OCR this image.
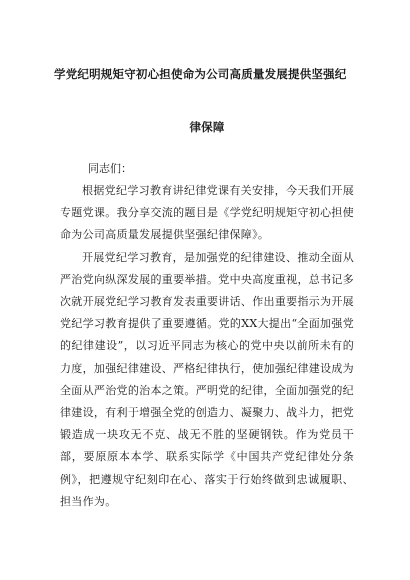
学党纪明规矩守初心担使命为公司高质量发展提供坚强纪
律保障
同志们：

根据党纪学习教育讲纪律党课有关安排，今天我们开展专题党课。我分享交流的题目是《学党纪明规矩守初心担使命为公司高质量发展提供坚强纪律保障》。

开展党纪学习教育，是加强党的纪律建设、推动全面从严治党向纵深发展的重要举措。党中央高度重视，总书记多次就开展党纪学习教育发表重要讲话、作出重要指示为开展党纪学习教育提供了重要遵循。党的XX大提出“全面加强党的纪律建设”，以习近平同志为核心的党中央以前所未有的力度，加强纪律建设、严格纪律执行，使加强纪律建设成为全面从严治党的治本之策。严明党的纪律，全面加强党的纪律建设，有利于增强全党的创造力、凝聚力、战斗力，把党锻造成一块攻无不克、战无不胜的坚硬钢铁。作为党员干部，要原原本本学、联系实际学《中国共产党纪律处分条例》，把遵规守纪刻印在心、落实于行始终做到忠诚履职、担当作为。
